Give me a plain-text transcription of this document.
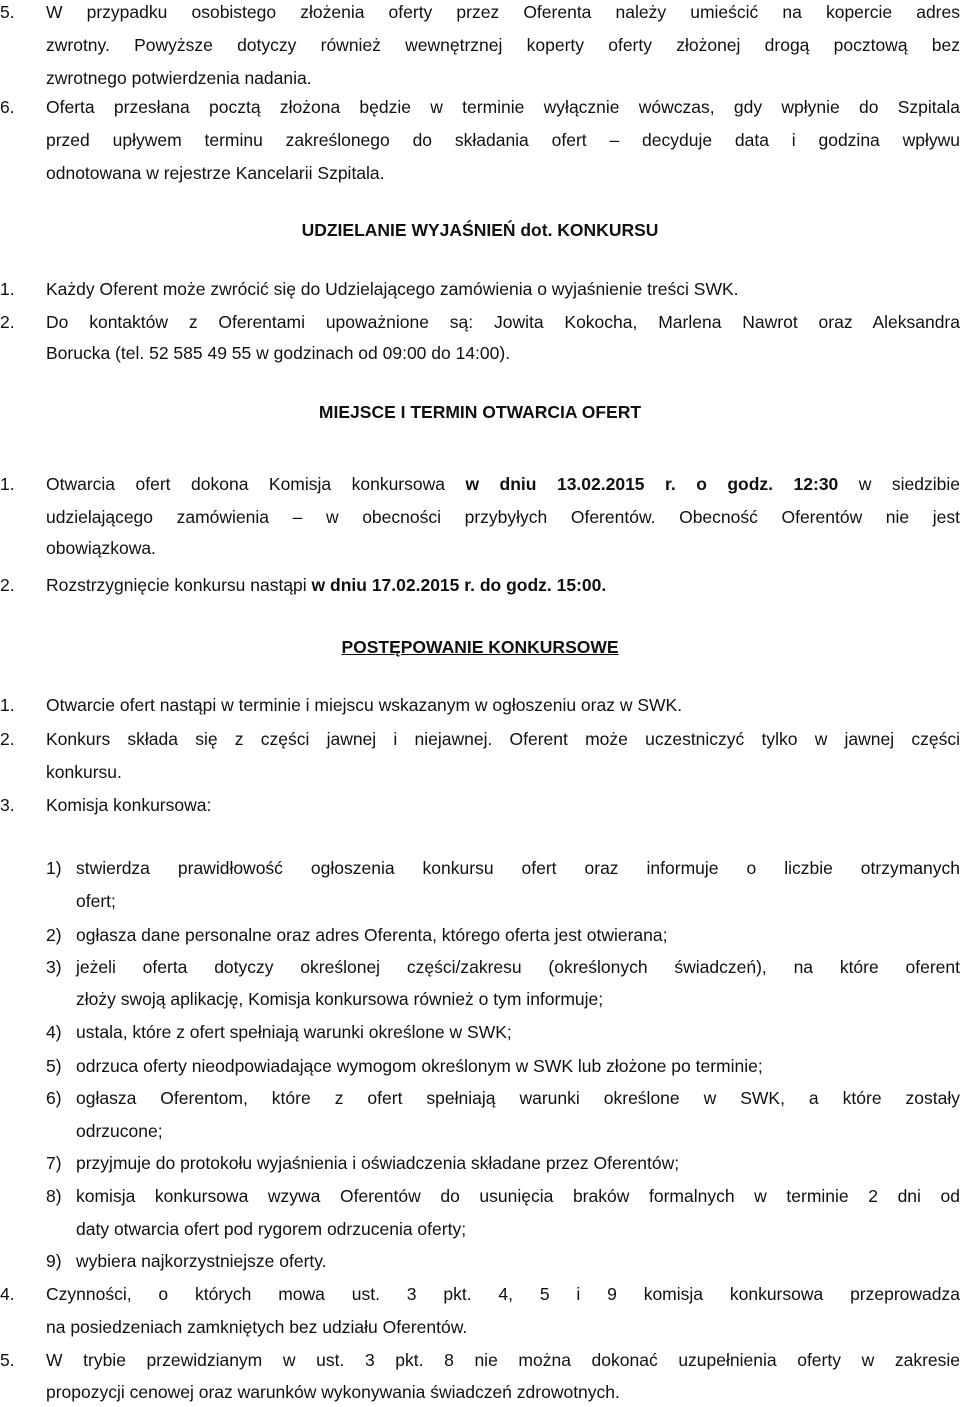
5. W przypadku osobistego złożenia oferty przez Oferenta należy umieścić na kopercie adres
zwrotny. Powyższe dotyczy również wewnętrznej koperty oferty złożonej drogą pocztową bez
zwrotnego potwierdzenia nadania.
6. Oferta przesłana pocztą złożona będzie w terminie wyłącznie wówczas, gdy wpłynie do Szpitala
przed upływem terminu zakreślonego do składania ofert – decyduje data i godzina wpływu
odnotowana w rejestrze Kancelarii Szpitala.
UDZIELANIE WYJAŚNIEŃ dot. KONKURSU
1. Każdy Oferent może zwrócić się do Udzielającego zamówienia o wyjaśnienie treści SWK.
2. Do kontaktów z Oferentami upoważnione są: Jowita Kokocha, Marlena Nawrot oraz Aleksandra
Borucka (tel. 52 585 49 55 w godzinach od 09:00 do 14:00).
MIEJSCE I TERMIN OTWARCIA OFERT
1. Otwarcia ofert dokona Komisja konkursowa w dniu 13.02.2015 r. o godz. 12:30 w siedzibie
udzielającego zamówienia – w obecności przybyłych Oferentów. Obecność Oferentów nie jest
obowiązkowa.
2. Rozstrzygnięcie konkursu nastąpi w dniu 17.02.2015 r. do godz. 15:00.
POSTĘPOWANIE KONKURSOWE
1. Otwarcie ofert nastąpi w terminie i miejscu wskazanym w ogłoszeniu oraz w SWK.
2. Konkurs składa się z części jawnej i niejawnej. Oferent może uczestniczyć tylko w jawnej części
konkursu.
3. Komisja konkursowa:
1) stwierdza prawidłowość ogłoszenia konkursu ofert oraz informuje o liczbie otrzymanych
ofert;
2) ogłasza dane personalne oraz adres Oferenta, którego oferta jest otwierana;
3) jeżeli oferta dotyczy określonej części/zakresu (określonych świadczeń), na które oferent
złoży swoją aplikację, Komisja konkursowa również o tym informuje;
4) ustala, które z ofert spełniają warunki określone w SWK;
5) odrzuca oferty nieodpowiadające wymogom określonym w SWK lub złożone po terminie;
6) ogłasza Oferentom, które z ofert spełniają warunki określone w SWK, a które zostały
odrzucone;
7) przyjmuje do protokołu wyjaśnienia i oświadczenia składane przez Oferentów;
8) komisja konkursowa wzywa Oferentów do usunięcia braków formalnych w terminie 2 dni od
daty otwarcia ofert pod rygorem odrzucenia oferty;
9) wybiera najkorzystniejsze oferty.
4. Czynności, o których mowa ust. 3 pkt. 4, 5 i 9 komisja konkursowa przeprowadza
na posiedzeniach zamkniętych bez udziału Oferentów.
5. W trybie przewidzianym w ust. 3 pkt. 8 nie można dokonać uzupełnienia oferty w zakresie
propozycji cenowej oraz warunków wykonywania świadczeń zdrowotnych.
